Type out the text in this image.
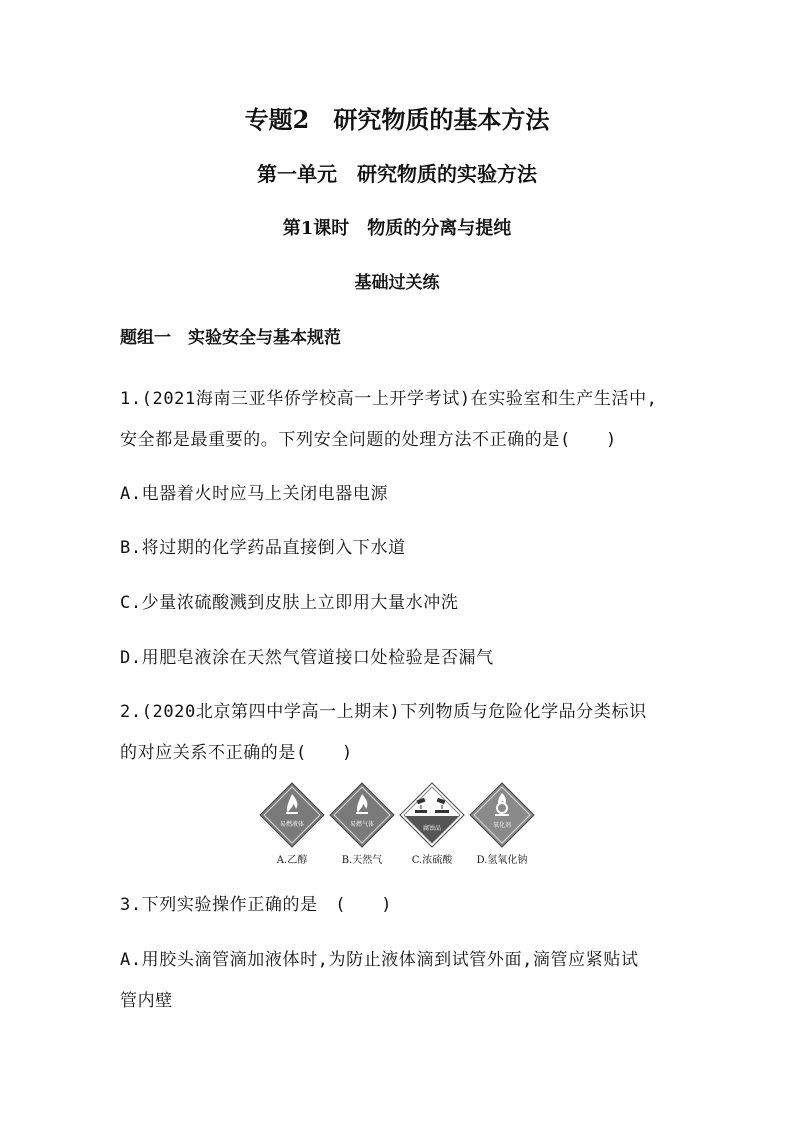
专题2　研究物质的基本方法
第一单元　研究物质的实验方法
第1课时　物质的分离与提纯
基础过关练
题组一　实验安全与基本规范
1.(2021海南三亚华侨学校高一上开学考试)在实验室和生产生活中,
安全都是最重要的。下列安全问题的处理方法不正确的是(　　)
A.电器着火时应马上关闭电器电源
B.将过期的化学药品直接倒入下水道
C.少量浓硫酸溅到皮肤上立即用大量水冲洗
D.用肥皂液涂在天然气管道接口处检验是否漏气
2.(2020北京第四中学高一上期末)下列物质与危险化学品分类标识
的对应关系不正确的是(　　)
易燃液体
A.乙醇
易燃气体
B.天然气
腐蚀品
C.浓硫酸
氧化剂
D.氢氧化钠
3.下列实验操作正确的是　(　　)
A.用胶头滴管滴加液体时,为防止液体滴到试管外面,滴管应紧贴试
管内壁
